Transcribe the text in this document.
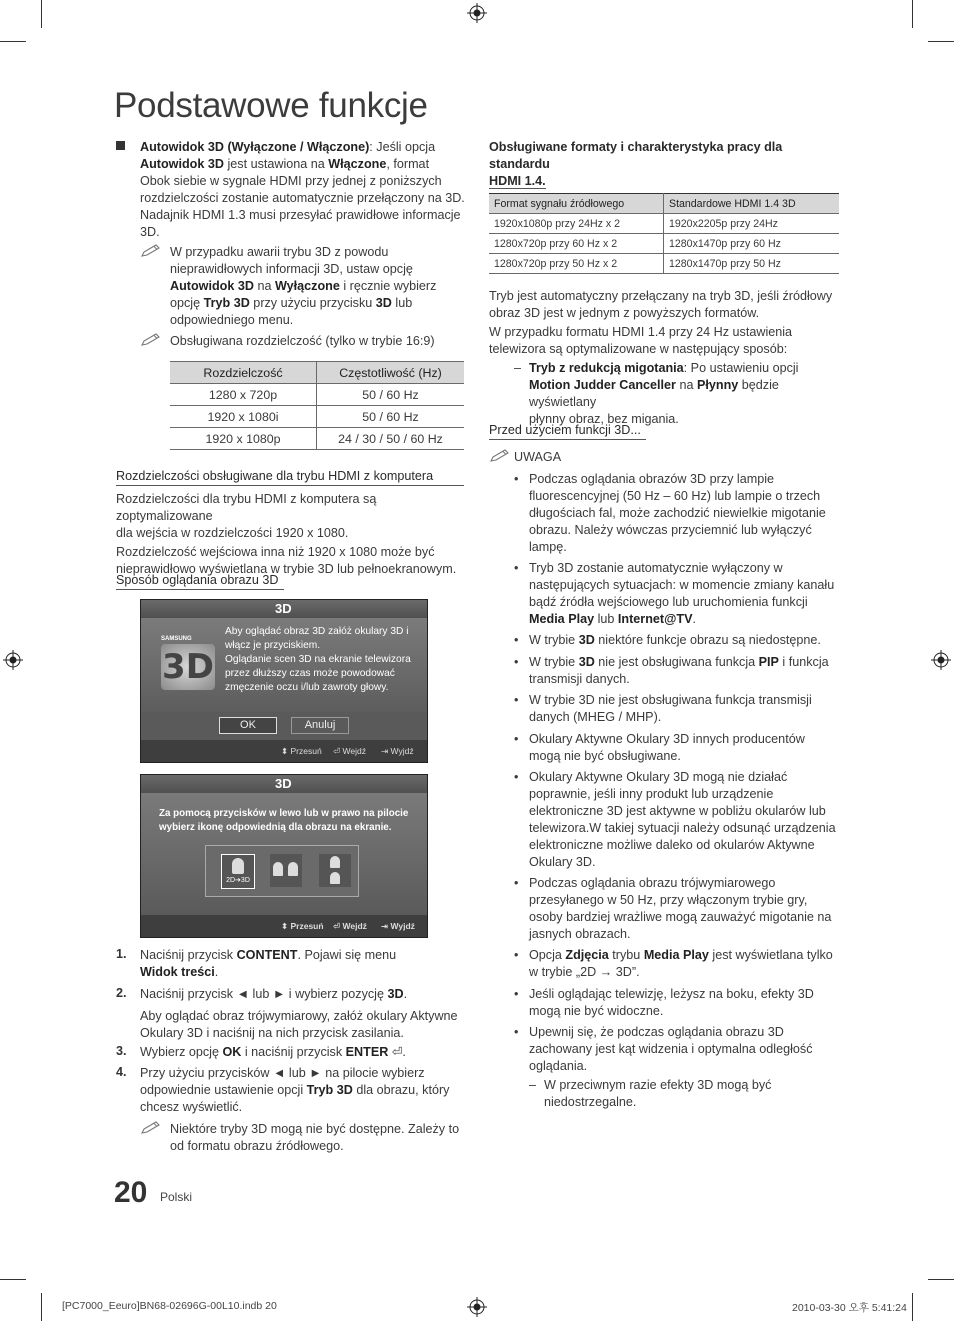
Podstawowe funkcje
Autowidok 3D (Wyłączone / Włączone): Jeśli opcja
Autowidok 3D jest ustawiona na Włączone, format
Obok siebie w sygnale HDMI przy jednej z poniższych
rozdzielczości zostanie automatycznie przełączony na 3D.
Nadajnik HDMI 1.3 musi przesyłać prawidłowe informacje
3D.
W przypadku awarii trybu 3D z powodu
nieprawidłowych informacji 3D, ustaw opcję
Autowidok 3D na Wyłączone i ręcznie wybierz
opcję Tryb 3D przy użyciu przycisku 3D lub
odpowiedniego menu.
Obsługiwana rozdzielczość (tylko w trybie 16:9)
Rozdzielczość	Częstotliwość (Hz)
1280 x 720p	50 / 60 Hz
1920 x 1080i	50 / 60 Hz
1920 x 1080p	24 / 30 / 50 / 60 Hz
Rozdzielczości obsługiwane dla trybu HDMI z komputera
Rozdzielczości dla trybu HDMI z komputera są zoptymalizowane
dla wejścia w rozdzielczości 1920 x 1080.
Rozdzielczość wejściowa inna niż 1920 x 1080 może być
nieprawidłowo wyświetlana w trybie 3D lub pełnoekranowym.
Sposób oglądania obrazu 3D
3D
SAMSUNG
3D
Aby oglądać obraz 3D załóż okulary 3D i
włącz je przyciskiem.
Oglądanie scen 3D na ekranie telewizora
przez dłuższy czas może powodować
zmęczenie oczu i/lub zawroty głowy.
OK	Anuluj
⬍ Przesuń ⏎ Wejdź ⇥ Wyjdź
3D
Za pomocą przycisków w lewo lub w prawo na pilocie
wybierz ikonę odpowiednią dla obrazu na ekranie.
2D➔3D
⬍ Przesuń ⏎ Wejdź ⇥ Wyjdź
1. Naciśnij przycisk CONTENT. Pojawi się menu
Widok treści.
2. Naciśnij przycisk ◄ lub ► i wybierz pozycję 3D.
Aby oglądać obraz trójwymiarowy, załóż okulary Aktywne
Okulary 3D i naciśnij na nich przycisk zasilania.
3. Wybierz opcję OK i naciśnij przycisk ENTER ⏎.
4. Przy użyciu przycisków ◄ lub ► na pilocie wybierz
odpowiednie ustawienie opcji Tryb 3D dla obrazu, który
chcesz wyświetlić.
Niektóre tryby 3D mogą nie być dostępne. Zależy to
od formatu obrazu źródłowego.
Obsługiwane formaty i charakterystyka pracy dla standardu
HDMI 1.4.
Format sygnału źródłowego	Standardowe HDMI 1.4 3D
1920x1080p przy 24Hz x 2	1920x2205p przy 24Hz
1280x720p przy 60 Hz x 2	1280x1470p przy 60 Hz
1280x720p przy 50 Hz x 2	1280x1470p przy 50 Hz
Tryb jest automatyczny przełączany na tryb 3D, jeśli źródłowy
obraz 3D jest w jednym z powyższych formatów.
W przypadku formatu HDMI 1.4 przy 24 Hz ustawienia
telewizora są optymalizowane w następujący sposób:
– Tryb z redukcją migotania: Po ustawieniu opcji
Motion Judder Canceller na Płynny będzie wyświetlany
płynny obraz, bez migania.
Przed użyciem funkcji 3D...
UWAGA
• Podczas oglądania obrazów 3D przy lampie
fluorescencyjnej (50 Hz – 60 Hz) lub lampie o trzech
długościach fal, może zachodzić niewielkie migotanie
obrazu. Należy wówczas przyciemnić lub wyłączyć
lampę.
• Tryb 3D zostanie automatycznie wyłączony w
następujących sytuacjach: w momencie zmiany kanału
bądź źródła wejściowego lub uruchomienia funkcji
Media Play lub Internet@TV.
• W trybie 3D niektóre funkcje obrazu są niedostępne.
• W trybie 3D nie jest obsługiwana funkcja PIP i funkcja
transmisji danych.
• W trybie 3D nie jest obsługiwana funkcja transmisji
danych (MHEG / MHP).
• Okulary Aktywne Okulary 3D innych producentów
mogą nie być obsługiwane.
• Okulary Aktywne Okulary 3D mogą nie działać
poprawnie, jeśli inny produkt lub urządzenie
elektroniczne 3D jest aktywne w pobliżu okularów lub
telewizora.W takiej sytuacji należy odsunąć urządzenia
elektroniczne możliwe daleko od okularów Aktywne
Okulary 3D.
• Podczas oglądania obrazu trójwymiarowego
przesyłanego w 50 Hz, przy włączonym trybie gry,
osoby bardziej wrażliwe mogą zauważyć migotanie na
jasnych obrazach.
• Opcja Zdjęcia trybu Media Play jest wyświetlana tylko
w trybie „2D → 3D”.
• Jeśli oglądając telewizję, leżysz na boku, efekty 3D
mogą nie być widoczne.
• Upewnij się, że podczas oglądania obrazu 3D
zachowany jest kąt widzenia i optymalna odległość
oglądania.
– W przeciwnym razie efekty 3D mogą być
niedostrzegalne.
20 Polski
[PC7000_Eeuro]BN68-02696G-00L10.indb 20	2010-03-30 오후 5:41:24
